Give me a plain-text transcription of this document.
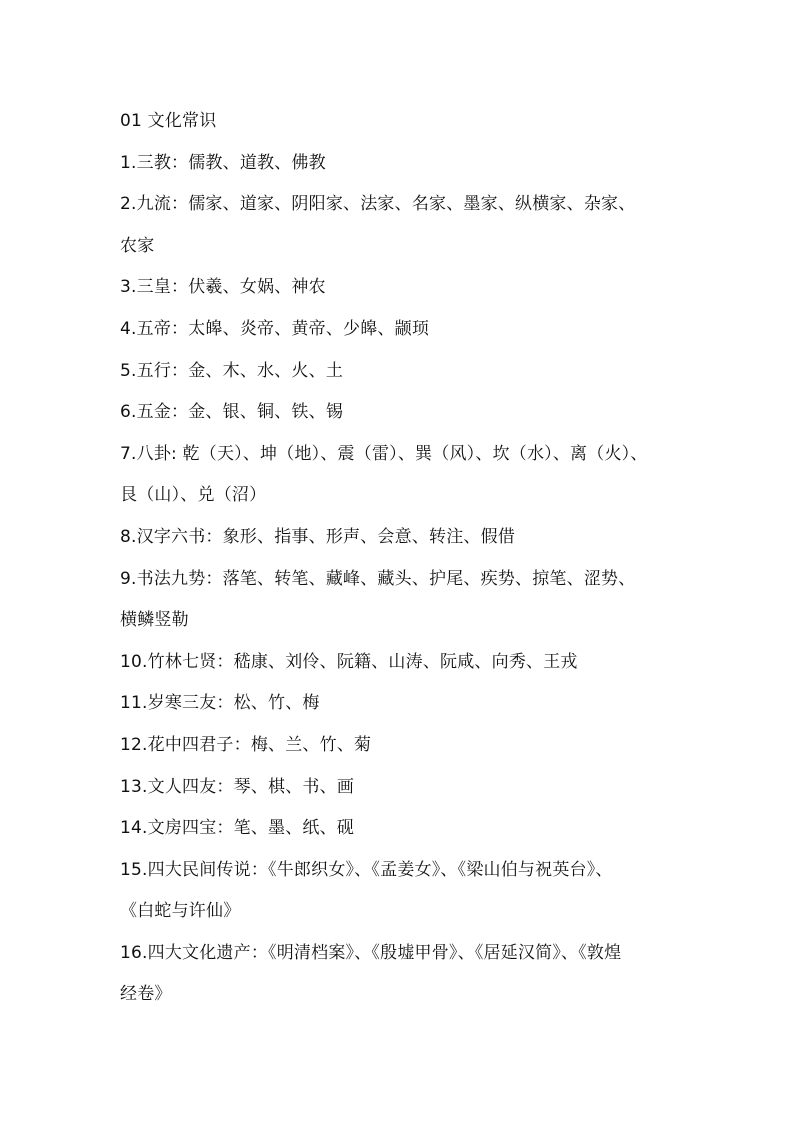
01 文化常识
1.三教：儒教、道教、佛教
2.九流：儒家、道家、阴阳家、法家、名家、墨家、纵横家、杂家、
农家
3.三皇：伏羲、女娲、神农
4.五帝：太皞、炎帝、黄帝、少皞、颛顼
5.五行：金、木、水、火、土
6.五金：金、银、铜、铁、锡
7.八卦: 乾（天）、坤（地）、震（雷）、巽（风）、坎（水）、离（火）、
艮（山）、兑（沼）
8.汉字六书：象形、指事、形声、会意、转注、假借
9.书法九势：落笔、转笔、藏峰、藏头、护尾、疾势、掠笔、涩势、
横鳞竖勒
10.竹林七贤：嵇康、刘伶、阮籍、山涛、阮咸、向秀、王戎
11.岁寒三友：松、竹、梅
12.花中四君子：梅、兰、竹、菊
13.文人四友：琴、棋、书、画
14.文房四宝：笔、墨、纸、砚
15.四大民间传说：《牛郎织女》、《孟姜女》、《梁山伯与祝英台》、
《白蛇与许仙》
16.四大文化遗产：《明清档案》、《殷墟甲骨》、《居延汉简》、《敦煌
经卷》
